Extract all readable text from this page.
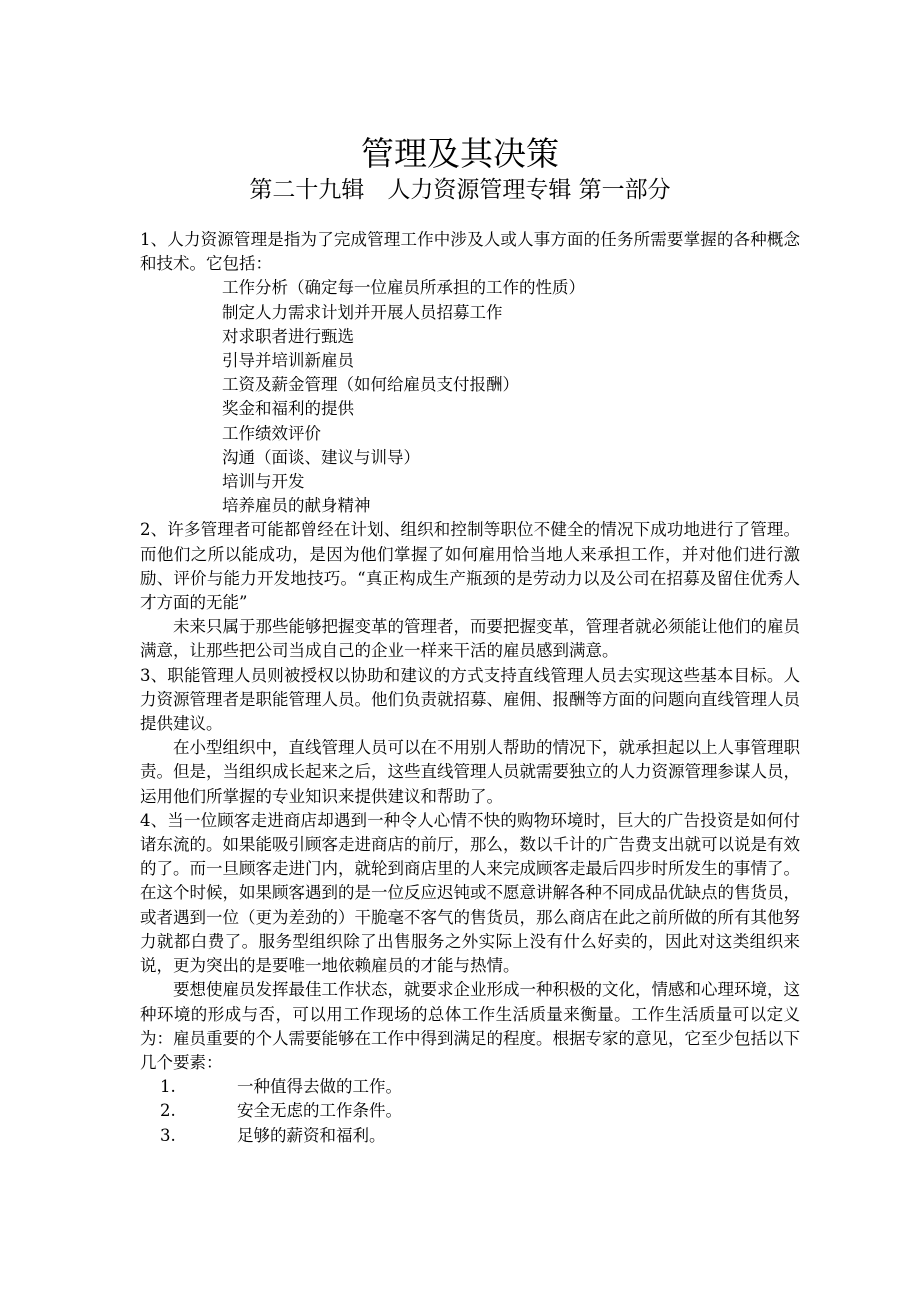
管理及其决策
第二十九辑　人力资源管理专辑 第一部分

1、人力资源管理是指为了完成管理工作中涉及人或人事方面的任务所需要掌握的各种概念和技术。它包括：

工作分析（确定每一位雇员所承担的工作的性质）
制定人力需求计划并开展人员招募工作
对求职者进行甄选
引导并培训新雇员
工资及薪金管理（如何给雇员支付报酬）
奖金和福利的提供
工作绩效评价
沟通（面谈、建议与训导）
培训与开发
培养雇员的献身精神

2、许多管理者可能都曾经在计划、组织和控制等职位不健全的情况下成功地进行了管理。而他们之所以能成功，是因为他们掌握了如何雇用恰当地人来承担工作，并对他们进行激励、评价与能力开发地技巧。“真正构成生产瓶颈的是劳动力以及公司在招募及留住优秀人才方面的无能”

未来只属于那些能够把握变革的管理者，而要把握变革，管理者就必须能让他们的雇员满意，让那些把公司当成自己的企业一样来干活的雇员感到满意。

3、职能管理人员则被授权以协助和建议的方式支持直线管理人员去实现这些基本目标。人力资源管理者是职能管理人员。他们负责就招募、雇佣、报酬等方面的问题向直线管理人员提供建议。

在小型组织中，直线管理人员可以在不用别人帮助的情况下，就承担起以上人事管理职责。但是，当组织成长起来之后，这些直线管理人员就需要独立的人力资源管理参谋人员，运用他们所掌握的专业知识来提供建议和帮助了。

4、当一位顾客走进商店却遇到一种令人心情不快的购物环境时，巨大的广告投资是如何付诸东流的。如果能吸引顾客走进商店的前厅，那么，数以千计的广告费支出就可以说是有效的了。而一旦顾客走进门内，就轮到商店里的人来完成顾客走最后四步时所发生的事情了。在这个时候，如果顾客遇到的是一位反应迟钝或不愿意讲解各种不同成品优缺点的售货员，或者遇到一位（更为差劲的）干脆毫不客气的售货员，那么商店在此之前所做的所有其他努力就都白费了。服务型组织除了出售服务之外实际上没有什么好卖的，因此对这类组织来说，更为突出的是要唯一地依赖雇员的才能与热情。

要想使雇员发挥最佳工作状态，就要求企业形成一种积极的文化，情感和心理环境，这种环境的形成与否，可以用工作现场的总体工作生活质量来衡量。工作生活质量可以定义为：雇员重要的个人需要能够在工作中得到满足的程度。根据专家的意见，它至少包括以下几个要素：

1.	一种值得去做的工作。
2.	安全无虑的工作条件。
3.	足够的薪资和福利。
